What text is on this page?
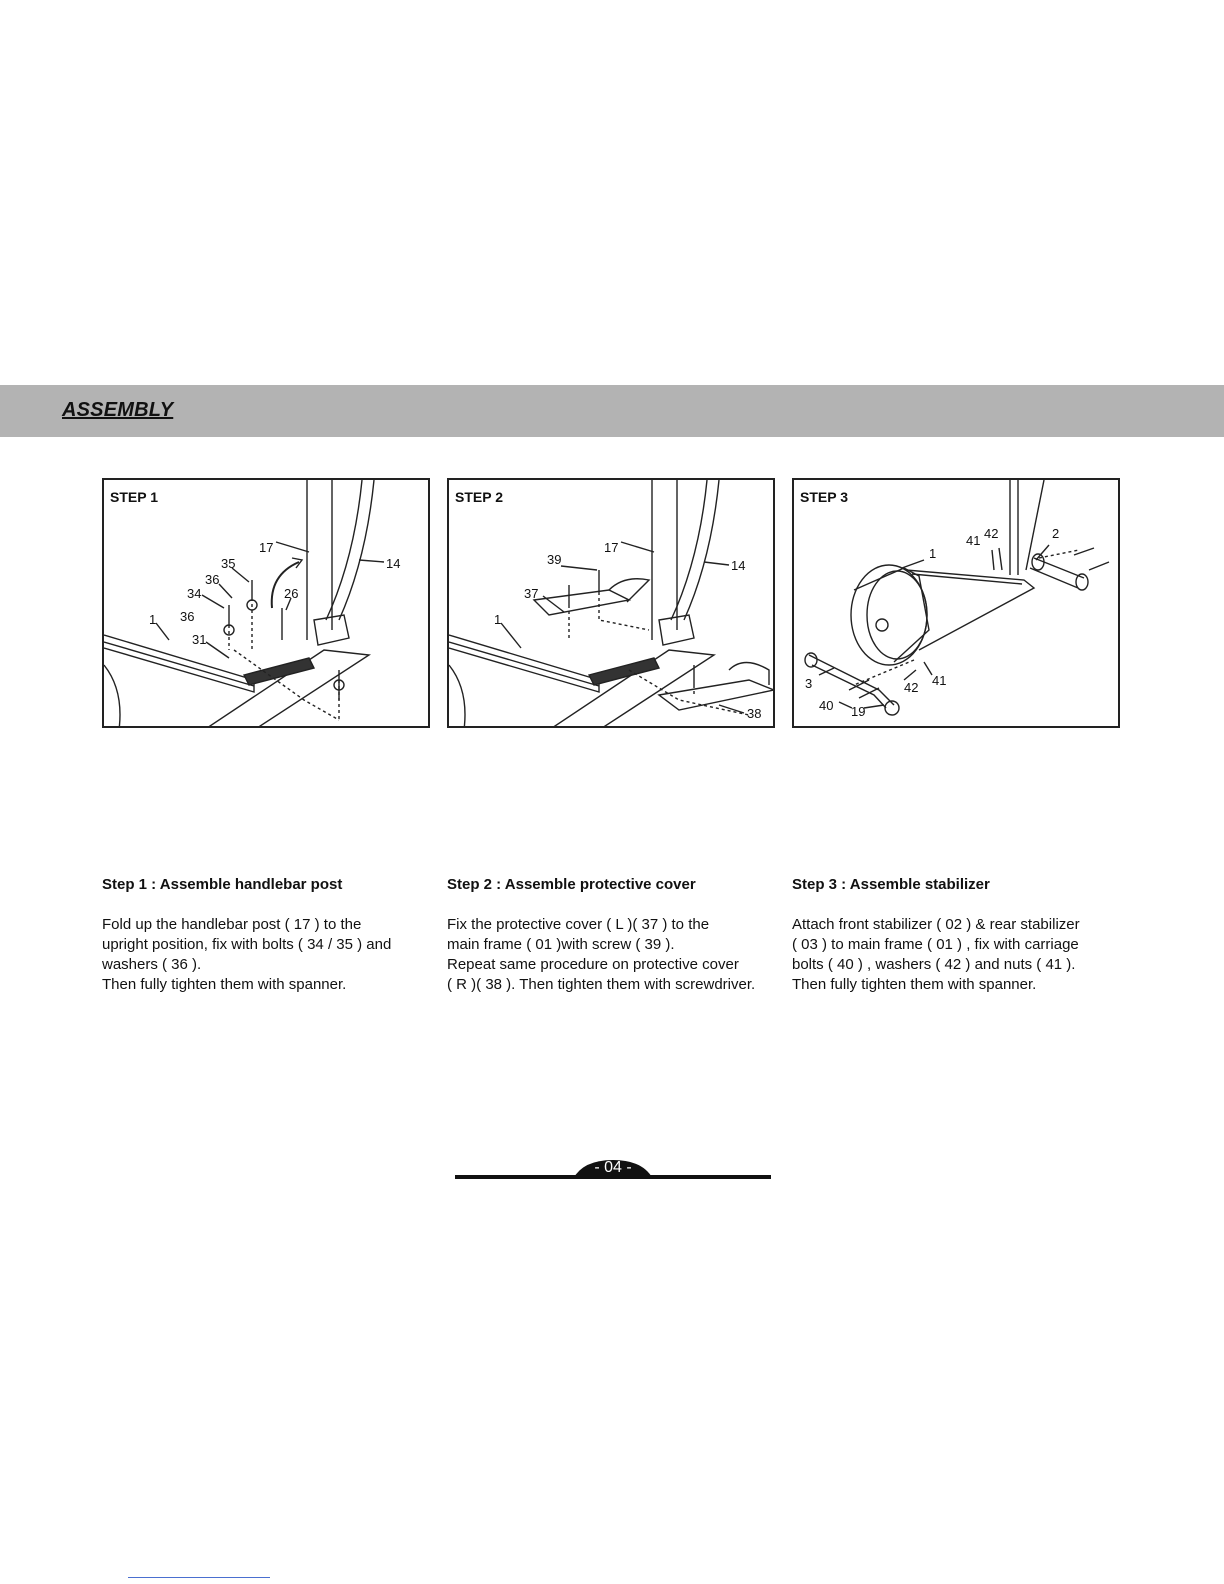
ASSEMBLY
STEP 1
17
35
36
34
36
31
1
26
14
STEP 2
17
39
37
1
14
38
STEP 3
41 42	2
1
3	42 41
40 19
Step 1 : Assemble handlebar post

Fold up the handlebar post ( 17 ) to the

upright position, fix with bolts ( 34 / 35 ) and

washers ( 36 ).

Then fully tighten them with spanner.

Step 2 : Assemble protective cover

Fix the protective cover ( L )( 37 ) to the

main frame ( 01 )with screw ( 39 ).

Repeat same procedure on protective cover

( R )( 38 ). Then tighten them with screwdriver.

Step 3 : Assemble stabilizer

Attach front stabilizer ( 02 ) & rear stabilizer

( 03 ) to main frame ( 01 ) , fix with carriage

bolts ( 40 ) , washers ( 42 ) and nuts ( 41 ).

Then fully tighten them with spanner.

- 04 -
